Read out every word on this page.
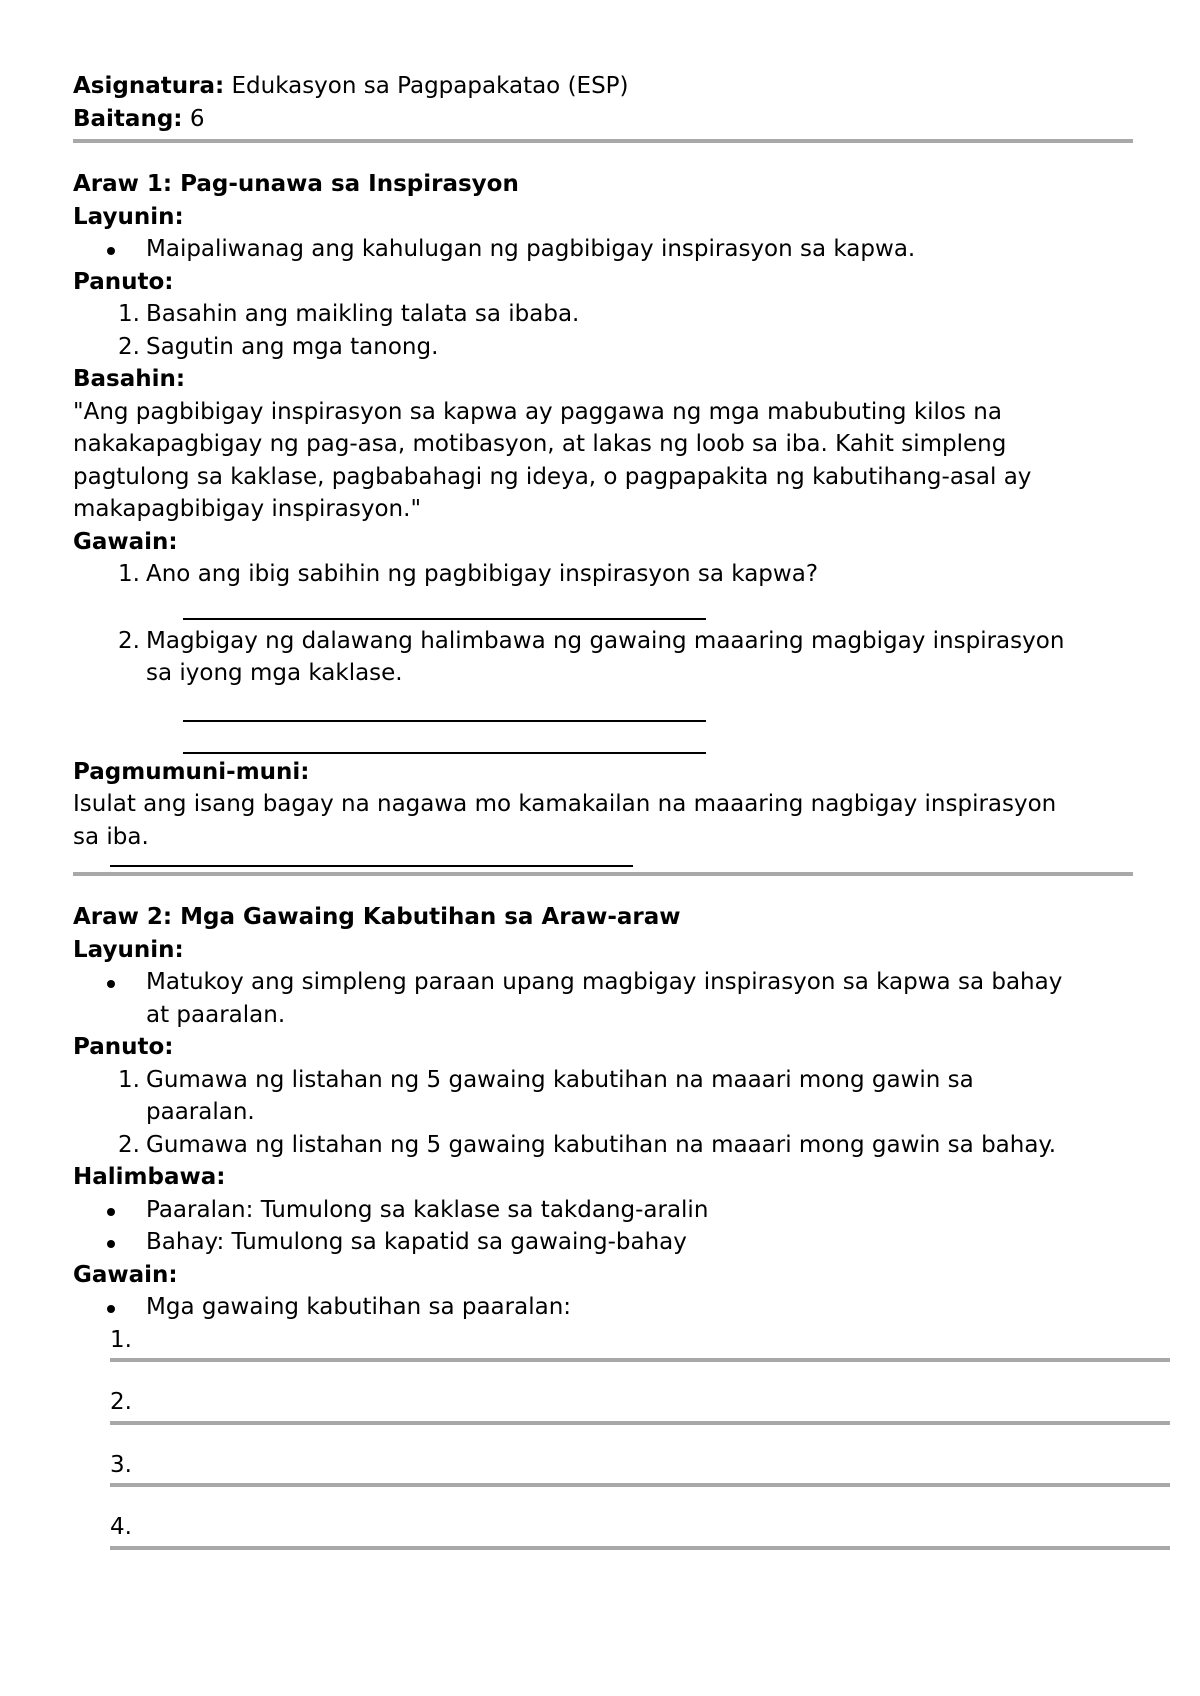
Asignatura: Edukasyon sa Pagpapakatao (ESP)
Baitang: 6
Araw 1: Pag-unawa sa Inspirasyon
Layunin:
Maipaliwanag ang kahulugan ng pagbibigay inspirasyon sa kapwa.
Panuto:
1. Basahin ang maikling talata sa ibaba.
2. Sagutin ang mga tanong.
Basahin:
"Ang pagbibigay inspirasyon sa kapwa ay paggawa ng mga mabubuting kilos na
nakakapagbigay ng pag-asa, motibasyon, at lakas ng loob sa iba. Kahit simpleng
pagtulong sa kaklase, pagbabahagi ng ideya, o pagpapakita ng kabutihang-asal ay
makapagbibigay inspirasyon."
Gawain:
1. Ano ang ibig sabihin ng pagbibigay inspirasyon sa kapwa?
2. Magbigay ng dalawang halimbawa ng gawaing maaaring magbigay inspirasyon
sa iyong mga kaklase.
Pagmumuni-muni:
Isulat ang isang bagay na nagawa mo kamakailan na maaaring nagbigay inspirasyon
sa iba.
Araw 2: Mga Gawaing Kabutihan sa Araw-araw
Layunin:
Matukoy ang simpleng paraan upang magbigay inspirasyon sa kapwa sa bahay
at paaralan.
Panuto:
1. Gumawa ng listahan ng 5 gawaing kabutihan na maaari mong gawin sa
paaralan.
2. Gumawa ng listahan ng 5 gawaing kabutihan na maaari mong gawin sa bahay.
Halimbawa:
Paaralan: Tumulong sa kaklase sa takdang-aralin
Bahay: Tumulong sa kapatid sa gawaing-bahay
Gawain:
Mga gawaing kabutihan sa paaralan:
1.
2.
3.
4.
